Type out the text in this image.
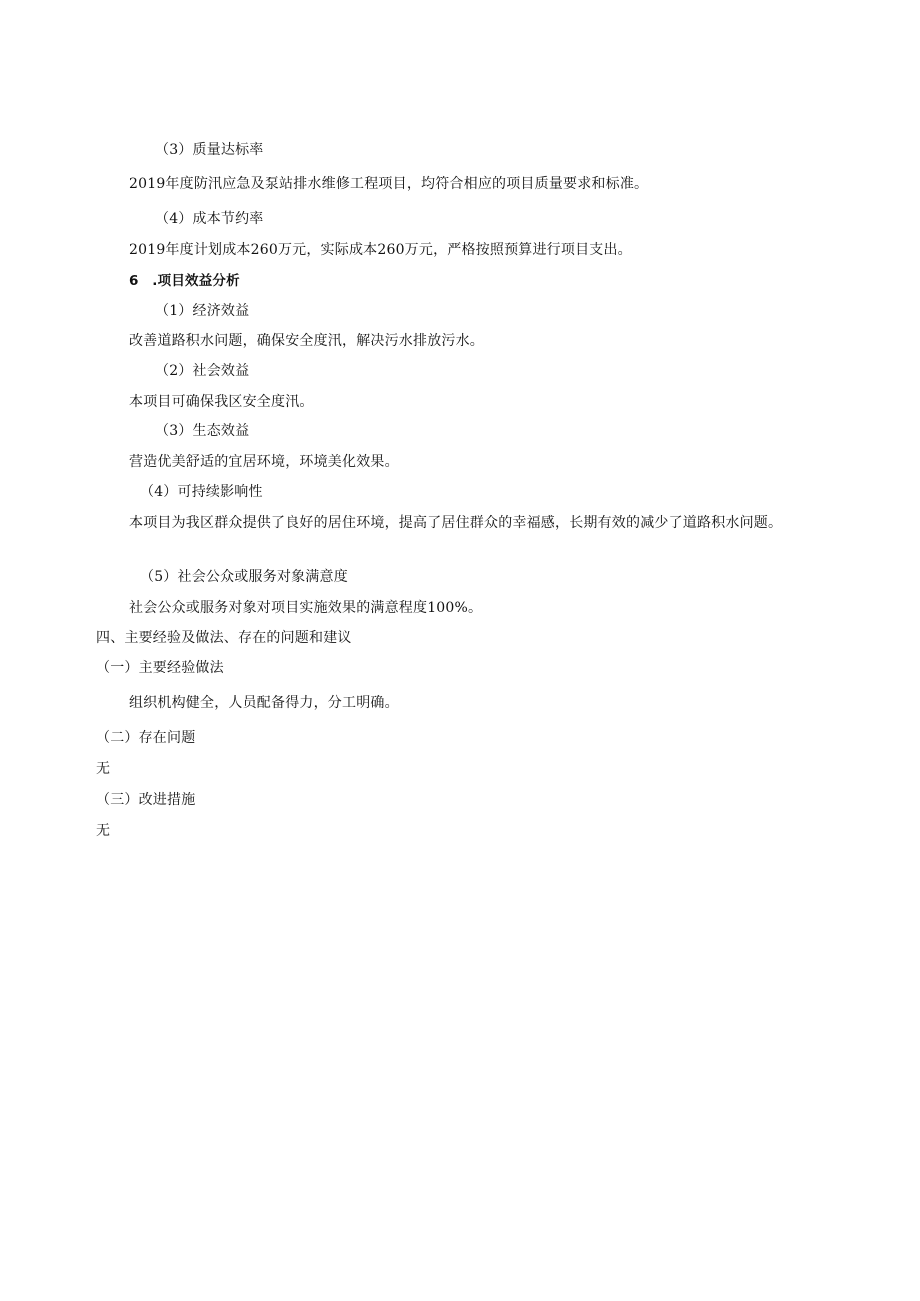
（3）质量达标率
2019年度防汛应急及泵站排水维修工程项目，均符合相应的项目质量要求和标准。
（4）成本节约率
2019年度计划成本260万元，实际成本260万元，严格按照预算进行项目支出。
6　.项目效益分析
（1）经济效益
改善道路积水问题，确保安全度汛，解决污水排放污水。
（2）社会效益
本项目可确保我区安全度汛。
（3）生态效益
营造优美舒适的宜居环境，环境美化效果。
（4）可持续影响性
本项目为我区群众提供了良好的居住环境，提高了居住群众的幸福感，长期有效的减少了道路积水问题。
（5）社会公众或服务对象满意度
社会公众或服务对象对项目实施效果的满意程度100%。
四、主要经验及做法、存在的问题和建议
（一）主要经验做法
组织机构健全，人员配备得力，分工明确。
（二）存在问题
无
（三）改进措施
无
